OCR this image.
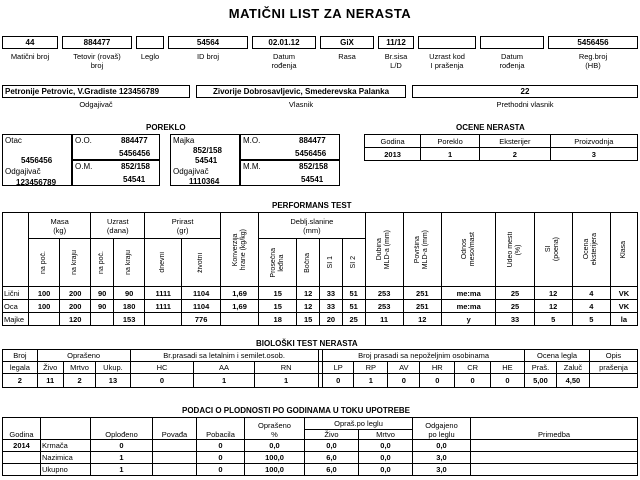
MATIČNI LIST ZA NERASTA
44
Matični broj
884477
Tetovir (rovaš)
broj
Leglo
54564
ID broj
02.01.12
Datum
rođenja
GiX
Rasa
11/12
Br.sisa
L/D
Uzrast kod
I prašenja
Datum
rođenja
5456456
Reg.broj
(HB)
Petronije Petrovic, V.Gradiste 123456789
Odgajivač
Zivorije Dobrosavljevic, Smederevska Palanka
Vlasnik
22
Prethodni vlasnik
POREKLO
Otac
5456456
Odgajivač
123456789
O.O.	884477
5456456
O.M.	852/158
54541
Majka
852/158
54541
Odgajivač
1110364
M.O.	884477
5456456
M.M.	852/158
54541
OCENE NERASTA
Godina	Poreklo	Eksterijer	Proizvodnja
2013	1	2	3
PERFORMANS TEST
	Masa
(kg)		Uzrast
(dana)		Prirast
(gr)		Konverzija
hrane (kg/kg)	Deblj.slanine
(mm)				Dubina
MLD-a (mm)	Površina
MLD-a (mm)	Odnos
meso/mast	Udeo mesti
(%)	SI
(poena)	Ocena
eksterijera	Klasa

	na poč.	na kraju	na poč.	na kraju	dnevni	životni		Prosečna
leđna	Bočna	SI 1	SI 2							

Lični	100	200	90	90	1111	1104	1,69	15	12	33	51	253	251	me:ma	25	12	4	VK
Oca	100	200	90	180	1111	1104	1,69	15	12	33	51	253	251	me:ma	25	12	4	VK
Majke		120		153		776		18	15	20	25	11	12	y	33	5	5	la
BIOLOŠKI TEST NERASTA
Broj	Oprašeno			Br.prasadi sa letalnim i semilet.osob.				Broj prasadi sa nepoželjnim osobinama						Ocena legla		Opis
legala	Živo	Mrtvo	Ukup.	HC	AA	RN		LP	RP	AV	HR	CR	HE	Praš.	Zaluč	prašenja
2	11	2	13	0	1	1		0	1	0	0	0	0	5,00	4,50	
PODACI O PLODNOSTI PO GODINAMA U TOKU UPOTREBE
Godina		Oplođeno	Povađa	Pobacila	Oprašeno
%	Opraš.po leglu		Odgajeno
po leglu	Primedba
						Živo	Mrtvo		
2014	Krmača	0		0	0,0	0,0	0,0	0,0	
	Nazimica	1		0	100,0	6,0	0,0	3,0	
	Ukupno	1		0	100,0	6,0	0,0	3,0	
